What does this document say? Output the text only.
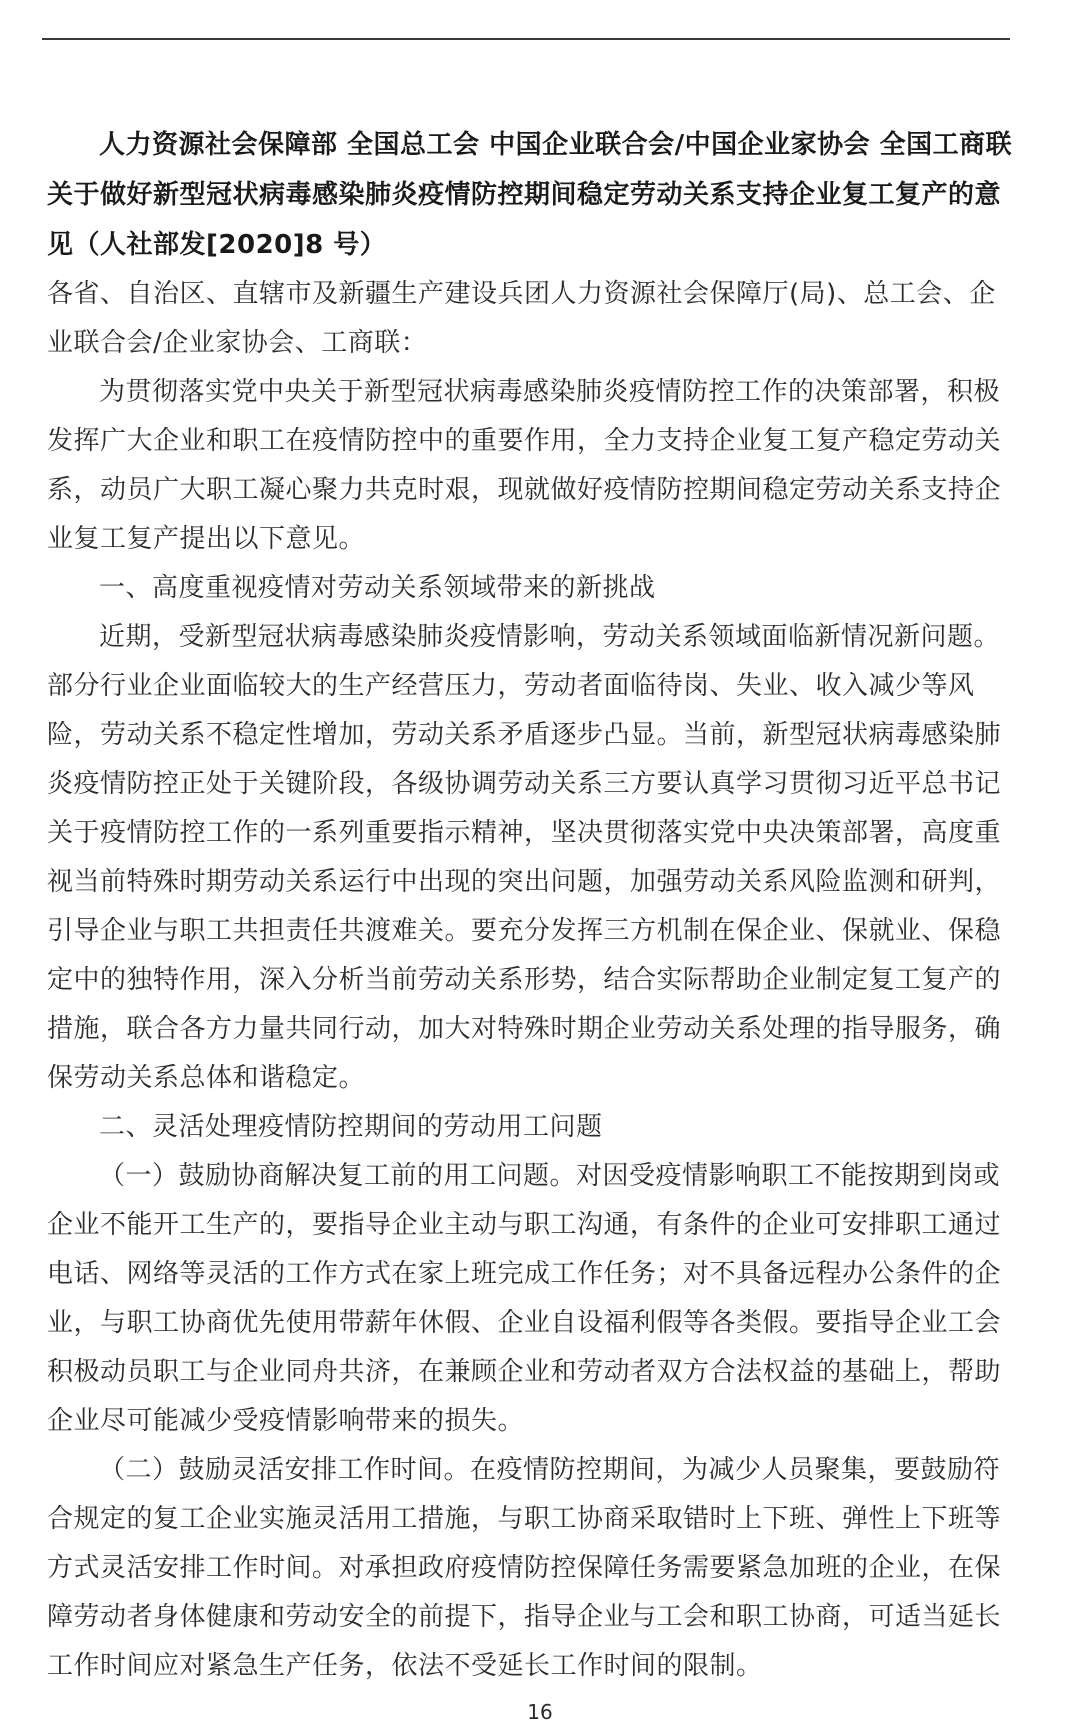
人力资源社会保障部 全国总工会 中国企业联合会/中国企业家协会 全国工商联 关于做好新型冠状病毒感染肺炎疫情防控期间稳定劳动关系支持企业复工复产的意见（人社部发[2020]8 号）

各省、自治区、直辖市及新疆生产建设兵团人力资源社会保障厅(局)、总工会、企业联合会/企业家协会、工商联：

为贯彻落实党中央关于新型冠状病毒感染肺炎疫情防控工作的决策部署，积极发挥广大企业和职工在疫情防控中的重要作用，全力支持企业复工复产稳定劳动关系，动员广大职工凝心聚力共克时艰，现就做好疫情防控期间稳定劳动关系支持企业复工复产提出以下意见。

一、高度重视疫情对劳动关系领域带来的新挑战

近期，受新型冠状病毒感染肺炎疫情影响，劳动关系领域面临新情况新问题。部分行业企业面临较大的生产经营压力，劳动者面临待岗、失业、收入减少等风险，劳动关系不稳定性增加，劳动关系矛盾逐步凸显。当前，新型冠状病毒感染肺炎疫情防控正处于关键阶段，各级协调劳动关系三方要认真学习贯彻习近平总书记关于疫情防控工作的一系列重要指示精神，坚决贯彻落实党中央决策部署，高度重视当前特殊时期劳动关系运行中出现的突出问题，加强劳动关系风险监测和研判，引导企业与职工共担责任共渡难关。要充分发挥三方机制在保企业、保就业、保稳定中的独特作用，深入分析当前劳动关系形势，结合实际帮助企业制定复工复产的措施，联合各方力量共同行动，加大对特殊时期企业劳动关系处理的指导服务，确保劳动关系总体和谐稳定。

二、灵活处理疫情防控期间的劳动用工问题

（一）鼓励协商解决复工前的用工问题。对因受疫情影响职工不能按期到岗或企业不能开工生产的，要指导企业主动与职工沟通，有条件的企业可安排职工通过电话、网络等灵活的工作方式在家上班完成工作任务；对不具备远程办公条件的企业，与职工协商优先使用带薪年休假、企业自设福利假等各类假。要指导企业工会积极动员职工与企业同舟共济，在兼顾企业和劳动者双方合法权益的基础上，帮助企业尽可能减少受疫情影响带来的损失。

（二）鼓励灵活安排工作时间。在疫情防控期间，为减少人员聚集，要鼓励符合规定的复工企业实施灵活用工措施，与职工协商采取错时上下班、弹性上下班等方式灵活安排工作时间。对承担政府疫情防控保障任务需要紧急加班的企业，在保障劳动者身体健康和劳动安全的前提下，指导企业与工会和职工协商，可适当延长工作时间应对紧急生产任务，依法不受延长工作时间的限制。

16
